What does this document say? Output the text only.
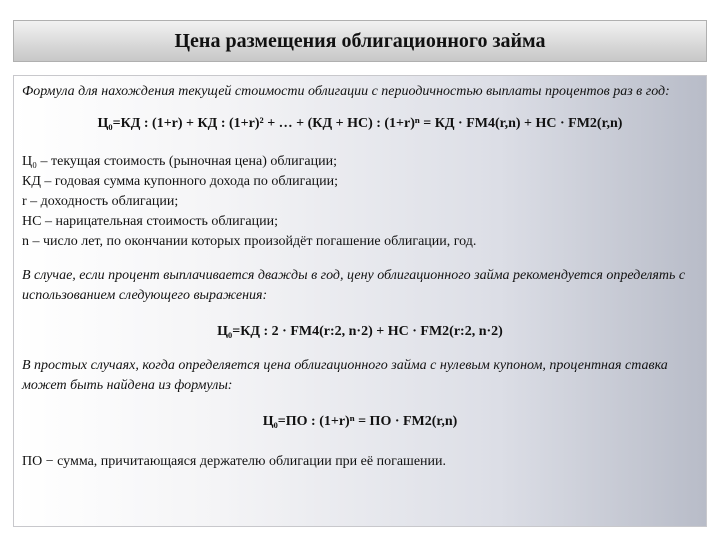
Цена размещения облигационного займа
Формула для нахождения текущей стоимости облигации с периодичностью выплаты процентов раз в год:
Ц₀=КД : (1+r) + КД : (1+r)² + … + (КД + НС) : (1+r)ⁿ = КД · FM4(r,n) + НС · FM2(r,n)
Ц₀ – текущая стоимость (рыночная цена) облигации;
КД – годовая сумма купонного дохода по облигации;
r – доходность облигации;
НС – нарицательная стоимость облигации;
n – число лет, по окончании которых произойдёт погашение облигации, год.
В случае, если процент выплачивается дважды в год, цену облигационного займа рекомендуется определять с использованием следующего выражения:
Ц₀=КД : 2 · FM4(r:2, n·2) + НС · FM2(r:2, n·2)
В простых случаях, когда определяется цена облигационного займа с нулевым купоном, процентная ставка может быть найдена из формулы:
Ц₀=ПО : (1+r)ⁿ = ПО · FM2(r,n)
ПО − сумма, причитающаяся держателю облигации при её погашении.
